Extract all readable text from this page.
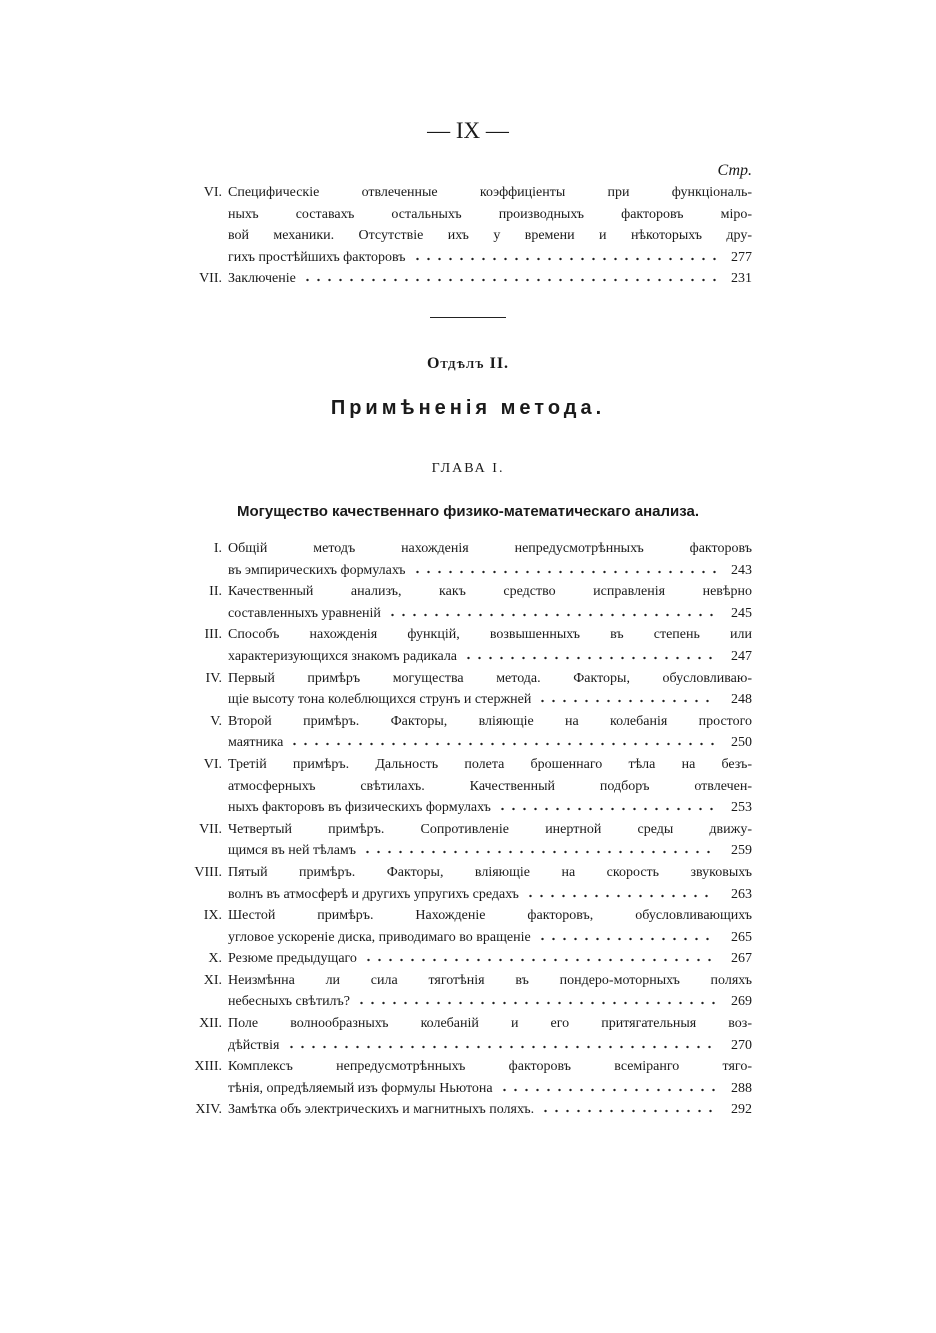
— IX —
Стр.
VI. Специфическіе отвлеченные коэффиціенты при функціональ-
ныхъ составахъ остальныхъ производныхъ факторовъ міро-
вой механики. Отсутствіе ихъ у времени и нѣкоторыхъ дру-
гихъ простѣйшихъ факторовъ	277
VII. Заключеніе	231
Отдѣлъ II.
Примѣненія метода.
ГЛАВА I.
Могущество качественнаго физико-математическаго анализа.
I. Общій методъ нахожденія непредусмотрѣнныхъ факторовъ
въ эмпирическихъ формулахъ	243
II. Качественный анализъ, какъ средство исправленія невѣрно
составленныхъ уравненій	245
III. Способъ нахожденія функцій, возвышенныхъ въ степень или
характеризующихся знакомъ радикала	247
IV. Первый примѣръ могущества метода. Факторы, обусловливаю-
щіе высоту тона колеблющихся струнъ и стержней	248
V. Второй примѣръ. Факторы, вліяющіе на колебанія простого
маятника	250
VI. Третій примѣръ. Дальность полета брошеннаго тѣла на безъ-
атмосферныхъ свѣтилахъ. Качественный подборъ отвлечен-
ныхъ факторовъ въ физическихъ формулахъ	253
VII. Четвертый примѣръ. Сопротивленіе инертной среды движу-
щимся въ ней тѣламъ	259
VIII. Пятый примѣръ. Факторы, вліяющіе на скорость звуковыхъ
волнъ въ атмосферѣ и другихъ упругихъ средахъ	263
IX. Шестой примѣръ. Нахожденіе факторовъ, обусловливающихъ
угловое ускореніе диска, приводимаго во вращеніе	265
X. Резюме предыдущаго	267
XI. Неизмѣнна ли сила тяготѣнія въ пондеро-моторныхъ поляхъ
небесныхъ свѣтилъ?	269
XII. Поле волнообразныхъ колебаній и его притягательныя воз-
дѣйствія	270
XIII. Комплексъ непредусмотрѣнныхъ факторовъ всеміранго тяго-
тѣнія, опредѣляемый изъ формулы Ньютона	288
XIV. Замѣтка объ электрическихъ и магнитныхъ поляхъ.	292
